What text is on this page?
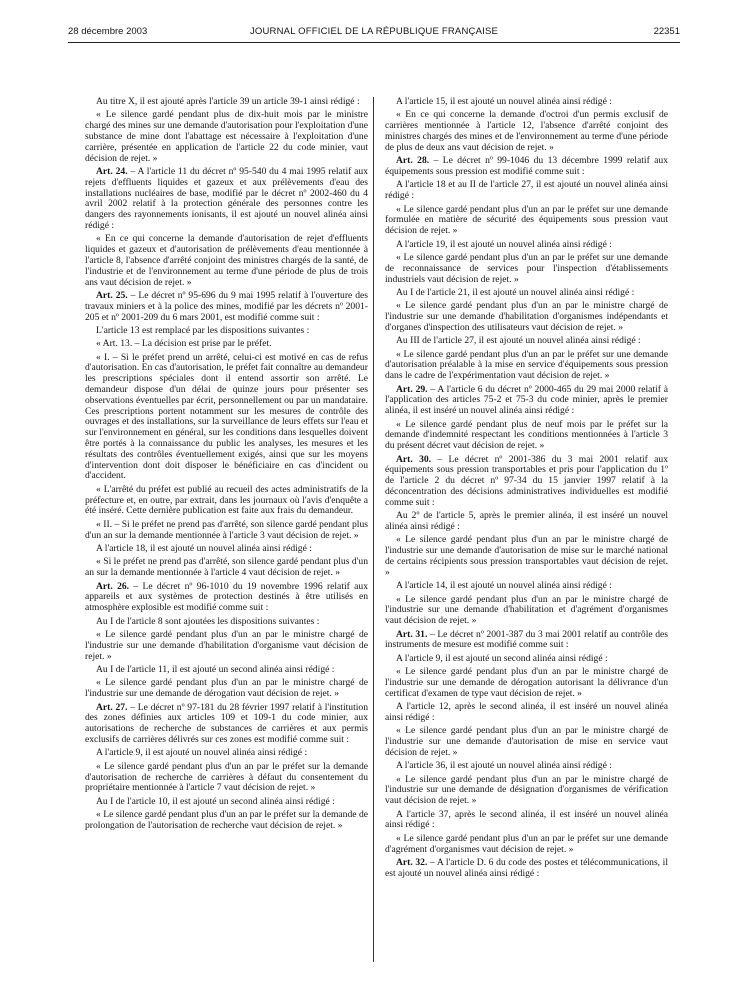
28 décembre 2003	JOURNAL OFFICIEL DE LA RÉPUBLIQUE FRANÇAISE	22351

Au titre X, il est ajouté après l'article 39 un article 39-1 ainsi rédigé :

« Le silence gardé pendant plus de dix-huit mois par le ministre chargé des mines sur une demande d'autorisation pour l'exploitation d'une substance de mine dont l'abattage est nécessaire à l'exploitation d'une carrière, présentée en application de l'article 22 du code minier, vaut décision de rejet. »

Art. 24. – A l'article 11 du décret nº 95-540 du 4 mai 1995 relatif aux rejets d'effluents liquides et gazeux et aux prélèvements d'eau des installations nucléaires de base, modifié par le décret nº 2002-460 du 4 avril 2002 relatif à la protection générale des personnes contre les dangers des rayonnements ionisants, il est ajouté un nouvel alinéa ainsi rédigé :

« En ce qui concerne la demande d'autorisation de rejet d'effluents liquides et gazeux et d'autorisation de prélèvements d'eau mentionnée à l'article 8, l'absence d'arrêté conjoint des ministres chargés de la santé, de l'industrie et de l'environnement au terme d'une période de plus de trois ans vaut décision de rejet. »

Art. 25. – Le décret nº 95-696 du 9 mai 1995 relatif à l'ouverture des travaux miniers et à la police des mines, modifié par les décrets nº 2001-205 et nº 2001-209 du 6 mars 2001, est modifié comme suit :

L'article 13 est remplacé par les dispositions suivantes :

« Art. 13. – La décision est prise par le préfet.

« I. – Si le préfet prend un arrêté, celui-ci est motivé en cas de refus d'autorisation. En cas d'autorisation, le préfet fait connaître au demandeur les prescriptions spéciales dont il entend assortir son arrêté. Le demandeur dispose d'un délai de quinze jours pour présenter ses observations éventuelles par écrit, personnellement ou par un mandataire. Ces prescriptions portent notamment sur les mesures de contrôle des ouvrages et des installations, sur la surveillance de leurs effets sur l'eau et sur l'environnement en général, sur les conditions dans lesquelles doivent être portés à la connaissance du public les analyses, les mesures et les résultats des contrôles éventuellement exigés, ainsi que sur les moyens d'intervention dont doit disposer le bénéficiaire en cas d'incident ou d'accident.

« L'arrêté du préfet est publié au recueil des actes administratifs de la préfecture et, en outre, par extrait, dans les journaux où l'avis d'enquête a été inséré. Cette dernière publication est faite aux frais du demandeur.

« II. – Si le préfet ne prend pas d'arrêté, son silence gardé pendant plus d'un an sur la demande mentionnée à l'article 3 vaut décision de rejet. »

A l'article 18, il est ajouté un nouvel alinéa ainsi rédigé :

« Si le préfet ne prend pas d'arrêté, son silence gardé pendant plus d'un an sur la demande mentionnée à l'article 4 vaut décision de rejet. »

Art. 26. – Le décret nº 96-1010 du 19 novembre 1996 relatif aux appareils et aux systèmes de protection destinés à être utilisés en atmosphère explosible est modifié comme suit :

Au I de l'article 8 sont ajoutées les dispositions suivantes :

« Le silence gardé pendant plus d'un an par le ministre chargé de l'industrie sur une demande d'habilitation d'organisme vaut décision de rejet. »

Au I de l'article 11, il est ajouté un second alinéa ainsi rédigé :

« Le silence gardé pendant plus d'un an par le ministre chargé de l'industrie sur une demande de dérogation vaut décision de rejet. »

Art. 27. – Le décret nº 97-181 du 28 février 1997 relatif à l'institution des zones définies aux articles 109 et 109-1 du code minier, aux autorisations de recherche de substances de carrières et aux permis exclusifs de carrières délivrés sur ces zones est modifié comme suit :

A l'article 9, il est ajouté un nouvel alinéa ainsi rédigé :

« Le silence gardé pendant plus d'un an par le préfet sur la demande d'autorisation de recherche de carrières à défaut du consentement du propriétaire mentionnée à l'article 7 vaut décision de rejet. »

Au I de l'article 10, il est ajouté un second alinéa ainsi rédigé :

« Le silence gardé pendant plus d'un an par le préfet sur la demande de prolongation de l'autorisation de recherche vaut décision de rejet. »

A l'article 15, il est ajouté un nouvel alinéa ainsi rédigé :

« En ce qui concerne la demande d'octroi d'un permis exclusif de carrières mentionnée à l'article 12, l'absence d'arrêté conjoint des ministres chargés des mines et de l'environnement au terme d'une période de plus de deux ans vaut décision de rejet. »

Art. 28. – Le décret nº 99-1046 du 13 décembre 1999 relatif aux équipements sous pression est modifié comme suit :

A l'article 18 et au II de l'article 27, il est ajouté un nouvel alinéa ainsi rédigé :

« Le silence gardé pendant plus d'un an par le préfet sur une demande formulée en matière de sécurité des équipements sous pression vaut décision de rejet. »

A l'article 19, il est ajouté un nouvel alinéa ainsi rédigé :

« Le silence gardé pendant plus d'un an par le préfet sur une demande de reconnaissance de services pour l'inspection d'établissements industriels vaut décision de rejet. »

Au I de l'article 21, il est ajouté un nouvel alinéa ainsi rédigé :

« Le silence gardé pendant plus d'un an par le ministre chargé de l'industrie sur une demande d'habilitation d'organismes indépendants et d'organes d'inspection des utilisateurs vaut décision de rejet. »

Au III de l'article 27, il est ajouté un nouvel alinéa ainsi rédigé :

« Le silence gardé pendant plus d'un an par le préfet sur une demande d'autorisation préalable à la mise en service d'équipements sous pression dans le cadre de l'expérimentation vaut décision de rejet. »

Art. 29. – A l'article 6 du décret nº 2000-465 du 29 mai 2000 relatif à l'application des articles 75-2 et 75-3 du code minier, après le premier alinéa, il est inséré un nouvel alinéa ainsi rédigé :

« Le silence gardé pendant plus de neuf mois par le préfet sur la demande d'indemnité respectant les conditions mentionnées à l'article 3 du présent décret vaut décision de rejet. »

Art. 30. – Le décret nº 2001-386 du 3 mai 2001 relatif aux équipements sous pression transportables et pris pour l'application du 1º de l'article 2 du décret nº 97-34 du 15 janvier 1997 relatif à la déconcentration des décisions administratives individuelles est modifié comme suit :

Au 2º de l'article 5, après le premier alinéa, il est inséré un nouvel alinéa ainsi rédigé :

« Le silence gardé pendant plus d'un an par le ministre chargé de l'industrie sur une demande d'autorisation de mise sur le marché national de certains récipients sous pression transportables vaut décision de rejet. »

A l'article 14, il est ajouté un nouvel alinéa ainsi rédigé :

« Le silence gardé pendant plus d'un an par le ministre chargé de l'industrie sur une demande d'habilitation et d'agrément d'organismes vaut décision de rejet. »

Art. 31. – Le décret nº 2001-387 du 3 mai 2001 relatif au contrôle des instruments de mesure est modifié comme suit :

A l'article 9, il est ajouté un second alinéa ainsi rédigé :

« Le silence gardé pendant plus d'un an par le ministre chargé de l'industrie sur une demande de dérogation autorisant la délivrance d'un certificat d'examen de type vaut décision de rejet. »

A l'article 12, après le second alinéa, il est inséré un nouvel alinéa ainsi rédigé :

« Le silence gardé pendant plus d'un an par le ministre chargé de l'industrie sur une demande d'autorisation de mise en service vaut décision de rejet. »

A l'article 36, il est ajouté un nouvel alinéa ainsi rédigé :

« Le silence gardé pendant plus d'un an par le ministre chargé de l'industrie sur une demande de désignation d'organismes de vérification vaut décision de rejet. »

A l'article 37, après le second alinéa, il est inséré un nouvel alinéa ainsi rédigé :

« Le silence gardé pendant plus d'un an par le préfet sur une demande d'agrément d'organismes vaut décision de rejet. »

Art. 32. – A l'article D. 6 du code des postes et télécommunications, il est ajouté un nouvel alinéa ainsi rédigé :
